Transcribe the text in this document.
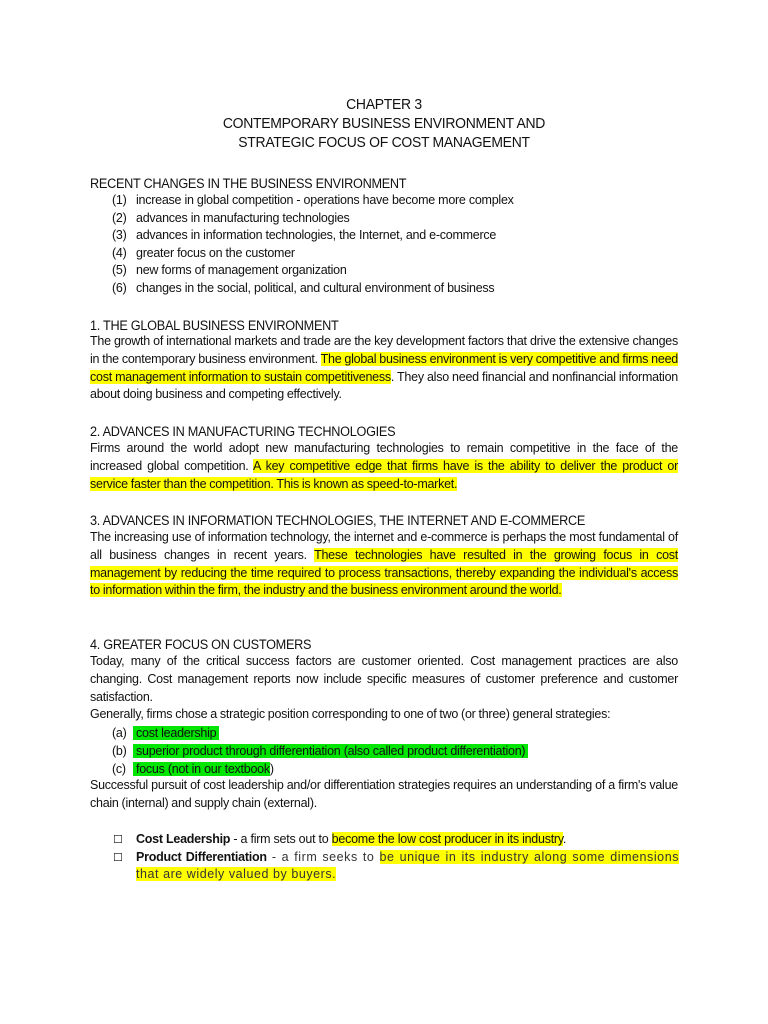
CHAPTER 3
CONTEMPORARY BUSINESS ENVIRONMENT AND
STRATEGIC FOCUS OF COST MANAGEMENT
RECENT CHANGES IN THE BUSINESS ENVIRONMENT
(1) increase in global competition - operations have become more complex
(2) advances in manufacturing technologies
(3) advances in information technologies, the Internet, and e-commerce
(4) greater focus on the customer
(5) new forms of management organization
(6) changes in the social, political, and cultural environment of business
1. THE GLOBAL BUSINESS ENVIRONMENT

The growth of international markets and trade are the key development factors that drive the extensive changes in the contemporary business environment. The global business environment is very competitive and firms need cost management information to sustain competitiveness. They also need financial and nonfinancial information about doing business and competing effectively.

2. ADVANCES IN MANUFACTURING TECHNOLOGIES

Firms around the world adopt new manufacturing technologies to remain competitive in the face of the increased global competition. A key competitive edge that firms have is the ability to deliver the product or service faster than the competition. This is known as speed-to-market.

3. ADVANCES IN INFORMATION TECHNOLOGIES, THE INTERNET AND E-COMMERCE

The increasing use of information technology, the internet and e-commerce is perhaps the most fundamental of all business changes in recent years. These technologies have resulted in the growing focus in cost management by reducing the time required to process transactions, thereby expanding the individual's access to information within the firm, the industry and the business environment around the world.

4. GREATER FOCUS ON CUSTOMERS

Today, many of the critical success factors are customer oriented. Cost management practices are also changing. Cost management reports now include specific measures of customer preference and customer satisfaction.

Generally, firms chose a strategic position corresponding to one of two (or three) general strategies:

(a) cost leadership
(b) superior product through differentiation (also called product differentiation)
(c) focus (not in our textbook)

Successful pursuit of cost leadership and/or differentiation strategies requires an understanding of a firm's value chain (internal) and supply chain (external).

☐ Cost Leadership - a firm sets out to become the low cost producer in its industry.
☐ Product Differentiation - a firm seeks to be unique in its industry along some dimensions that are widely valued by buyers.
